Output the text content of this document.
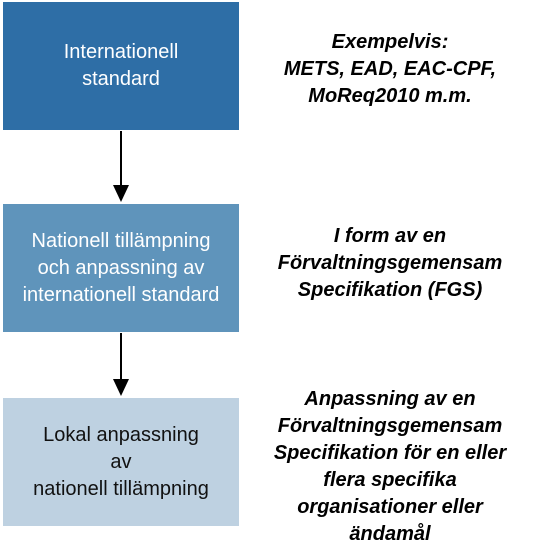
Internationell
standard
Nationell tillämpning
och anpassning av
internationell standard
Lokal anpassning
av
nationell tillämpning
Exempelvis:
METS, EAD, EAC-CPF,
MoReq2010 m.m.
I form av en
Förvaltningsgemensam
Specifikation (FGS)
Anpassning av en
Förvaltningsgemensam
Specifikation för en eller
flera specifika
organisationer eller
ändamål
